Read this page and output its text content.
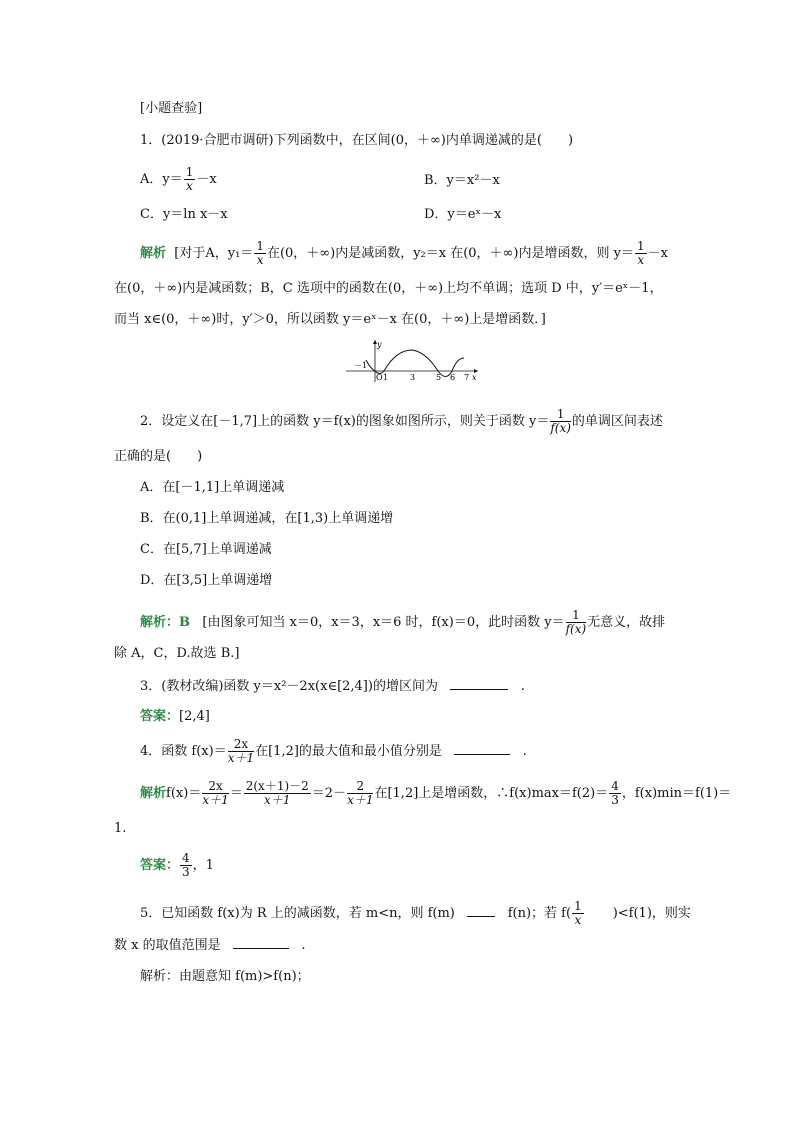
[小题查验]
1．(2019·合肥市调研)下列函数中，在区间(0，＋∞)内单调递减的是(　　)
A．$y= \frac{1}{x} -x$	B．y＝x²－x
C．y＝ln x－x	D．y＝eˣ－x
解析 [对于A，$y_1= \frac{1}{x}$ 在(0，＋∞)内是减函数，y₂＝x 在(0，＋∞)内是增函数，则 $y= \frac{1}{x} -x$
在(0，＋∞)内是减函数；B，C 选项中的函数在(0，＋∞)上均不单调；选项 D 中，y′＝eˣ－1，
而当 x∈(0，＋∞)时，y′＞0，所以函数 y＝eˣ－x 在(0，＋∞)上是增函数．]
y
x
－1
O 1	3	5 6 7
2．设定义在[－1,7]上的函数 y＝f(x)的图象如图所示，则关于函数 $y= \frac{1}{f(x)}$ 的单调区间表述
正确的是(　　)
A．在[－1,1]上单调递减
B．在(0,1]上单调递减，在[1,3)上单调递增
C．在[5,7]上单调递减
D．在[3,5]上单调递增
解析：B [由图象可知当 x＝0，x＝3，x＝6 时，f(x)＝0，此时函数 $y= \frac{1}{f(x)}$ 无意义，故排
除 A，C，D.故选 B.]
3．(教材改编)函数 y＝x²－2x(x∈[2,4])的增区间为	.
答案：[2,4]
4．函数 $f(x)= \frac{2x}{x+1}$ 在[1,2]的最大值和最小值分别是	.
解析$f(x)= \frac{2x}{x+1} = \frac{2(x+1)-2}{x+1} =2- \frac{2}{x+1}$ 在[1,2]上是增函数，∴f(x)max＝f(2)＝ $\frac{4}{3}$ ，f(x)min＝f(1)＝
1.
答案： $\frac{4}{3}$ ，1
5．已知函数 f(x)为 R 上的减函数，若 m<n，则 f(m)	f(n)；若 $f( \frac{1}{x} )<f(1)$，则实
数 x 的取值范围是	.
解析：由题意知 f(m)>f(n)；
